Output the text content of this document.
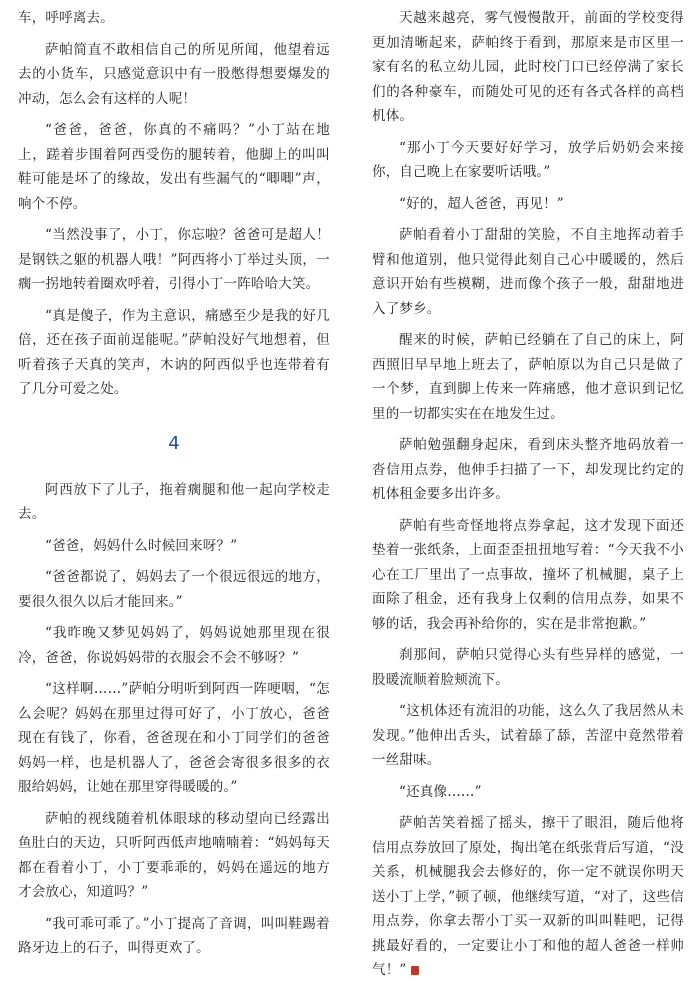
车，呼呼离去。

萨帕简直不敢相信自己的所见所闻，他望着远去的小货车，只感觉意识中有一股憋得想要爆发的冲动，怎么会有这样的人呢！

“爸爸，爸爸，你真的不痛吗？”小丁站在地上，蹉着步围着阿西受伤的腿转着，他脚上的叫叫鞋可能是坏了的缘故，发出有些漏气的“唧唧”声，响个不停。

“当然没事了，小丁，你忘啦？爸爸可是超人！是钢铁之躯的机器人哦！”阿西将小丁举过头顶，一瘸一拐地转着圈欢呼着，引得小丁一阵哈哈大笑。

“真是傻子，作为主意识，痛感至少是我的好几倍，还在孩子面前逞能呢。”萨帕没好气地想着，但听着孩子天真的笑声，木讷的阿西似乎也连带着有了几分可爱之处。

4

阿西放下了儿子，拖着瘸腿和他一起向学校走去。

“爸爸，妈妈什么时候回来呀？”

“爸爸都说了，妈妈去了一个很远很远的地方，要很久很久以后才能回来。”

“我昨晚又梦见妈妈了，妈妈说她那里现在很冷，爸爸，你说妈妈带的衣服会不会不够呀？”

“这样啊……”萨帕分明听到阿西一阵哽咽，“怎么会呢？妈妈在那里过得可好了，小丁放心，爸爸现在有钱了，你看，爸爸现在和小丁同学们的爸爸妈妈一样，也是机器人了，爸爸会寄很多很多的衣服给妈妈，让她在那里穿得暖暖的。”

萨帕的视线随着机体眼球的移动望向已经露出鱼肚白的天边，只听阿西低声地喃喃着：“妈妈每天都在看着小丁，小丁要乖乖的，妈妈在遥远的地方才会放心，知道吗？”

“我可乖可乖了。”小丁提高了音调，叫叫鞋踢着路牙边上的石子，叫得更欢了。

天越来越亮，雾气慢慢散开，前面的学校变得更加清晰起来，萨帕终于看到，那原来是市区里一家有名的私立幼儿园，此时校门口已经停满了家长们的各种豪车，而随处可见的还有各式各样的高档机体。

“那小丁今天要好好学习，放学后奶奶会来接你，自己晚上在家要听话哦。”

“好的，超人爸爸，再见！”

萨帕看着小丁甜甜的笑脸，不自主地挥动着手臂和他道别，他只觉得此刻自己心中暖暖的，然后意识开始有些模糊，进而像个孩子一般，甜甜地进入了梦乡。

醒来的时候，萨帕已经躺在了自己的床上，阿西照旧早早地上班去了，萨帕原以为自己只是做了一个梦，直到脚上传来一阵痛感，他才意识到记忆里的一切都实实在在地发生过。

萨帕勉强翻身起床，看到床头整齐地码放着一沓信用点券，他伸手扫描了一下，却发现比约定的机体租金要多出许多。

萨帕有些奇怪地将点券拿起，这才发现下面还垫着一张纸条，上面歪歪扭扭地写着：“今天我不小心在工厂里出了一点事故，撞坏了机械腿，桌子上面除了租金，还有我身上仅剩的信用点券，如果不够的话，我会再补给你的，实在是非常抱歉。”

刹那间，萨帕只觉得心头有些异样的感觉，一股暖流顺着脸颊流下。

“这机体还有流泪的功能，这么久了我居然从未发现。”他伸出舌头，试着舔了舔，苦涩中竟然带着一丝甜味。

“还真像……”

萨帕苦笑着摇了摇头，擦干了眼泪，随后他将信用点券放回了原处，掏出笔在纸张背后写道，“没关系，机械腿我会去修好的，你一定不就误你明天送小丁上学，”顿了顿，他继续写道，“对了，这些信用点券，你拿去帮小丁买一双新的叫叫鞋吧，记得挑最好看的，一定要让小丁和他的超人爸爸一样帅气！”
